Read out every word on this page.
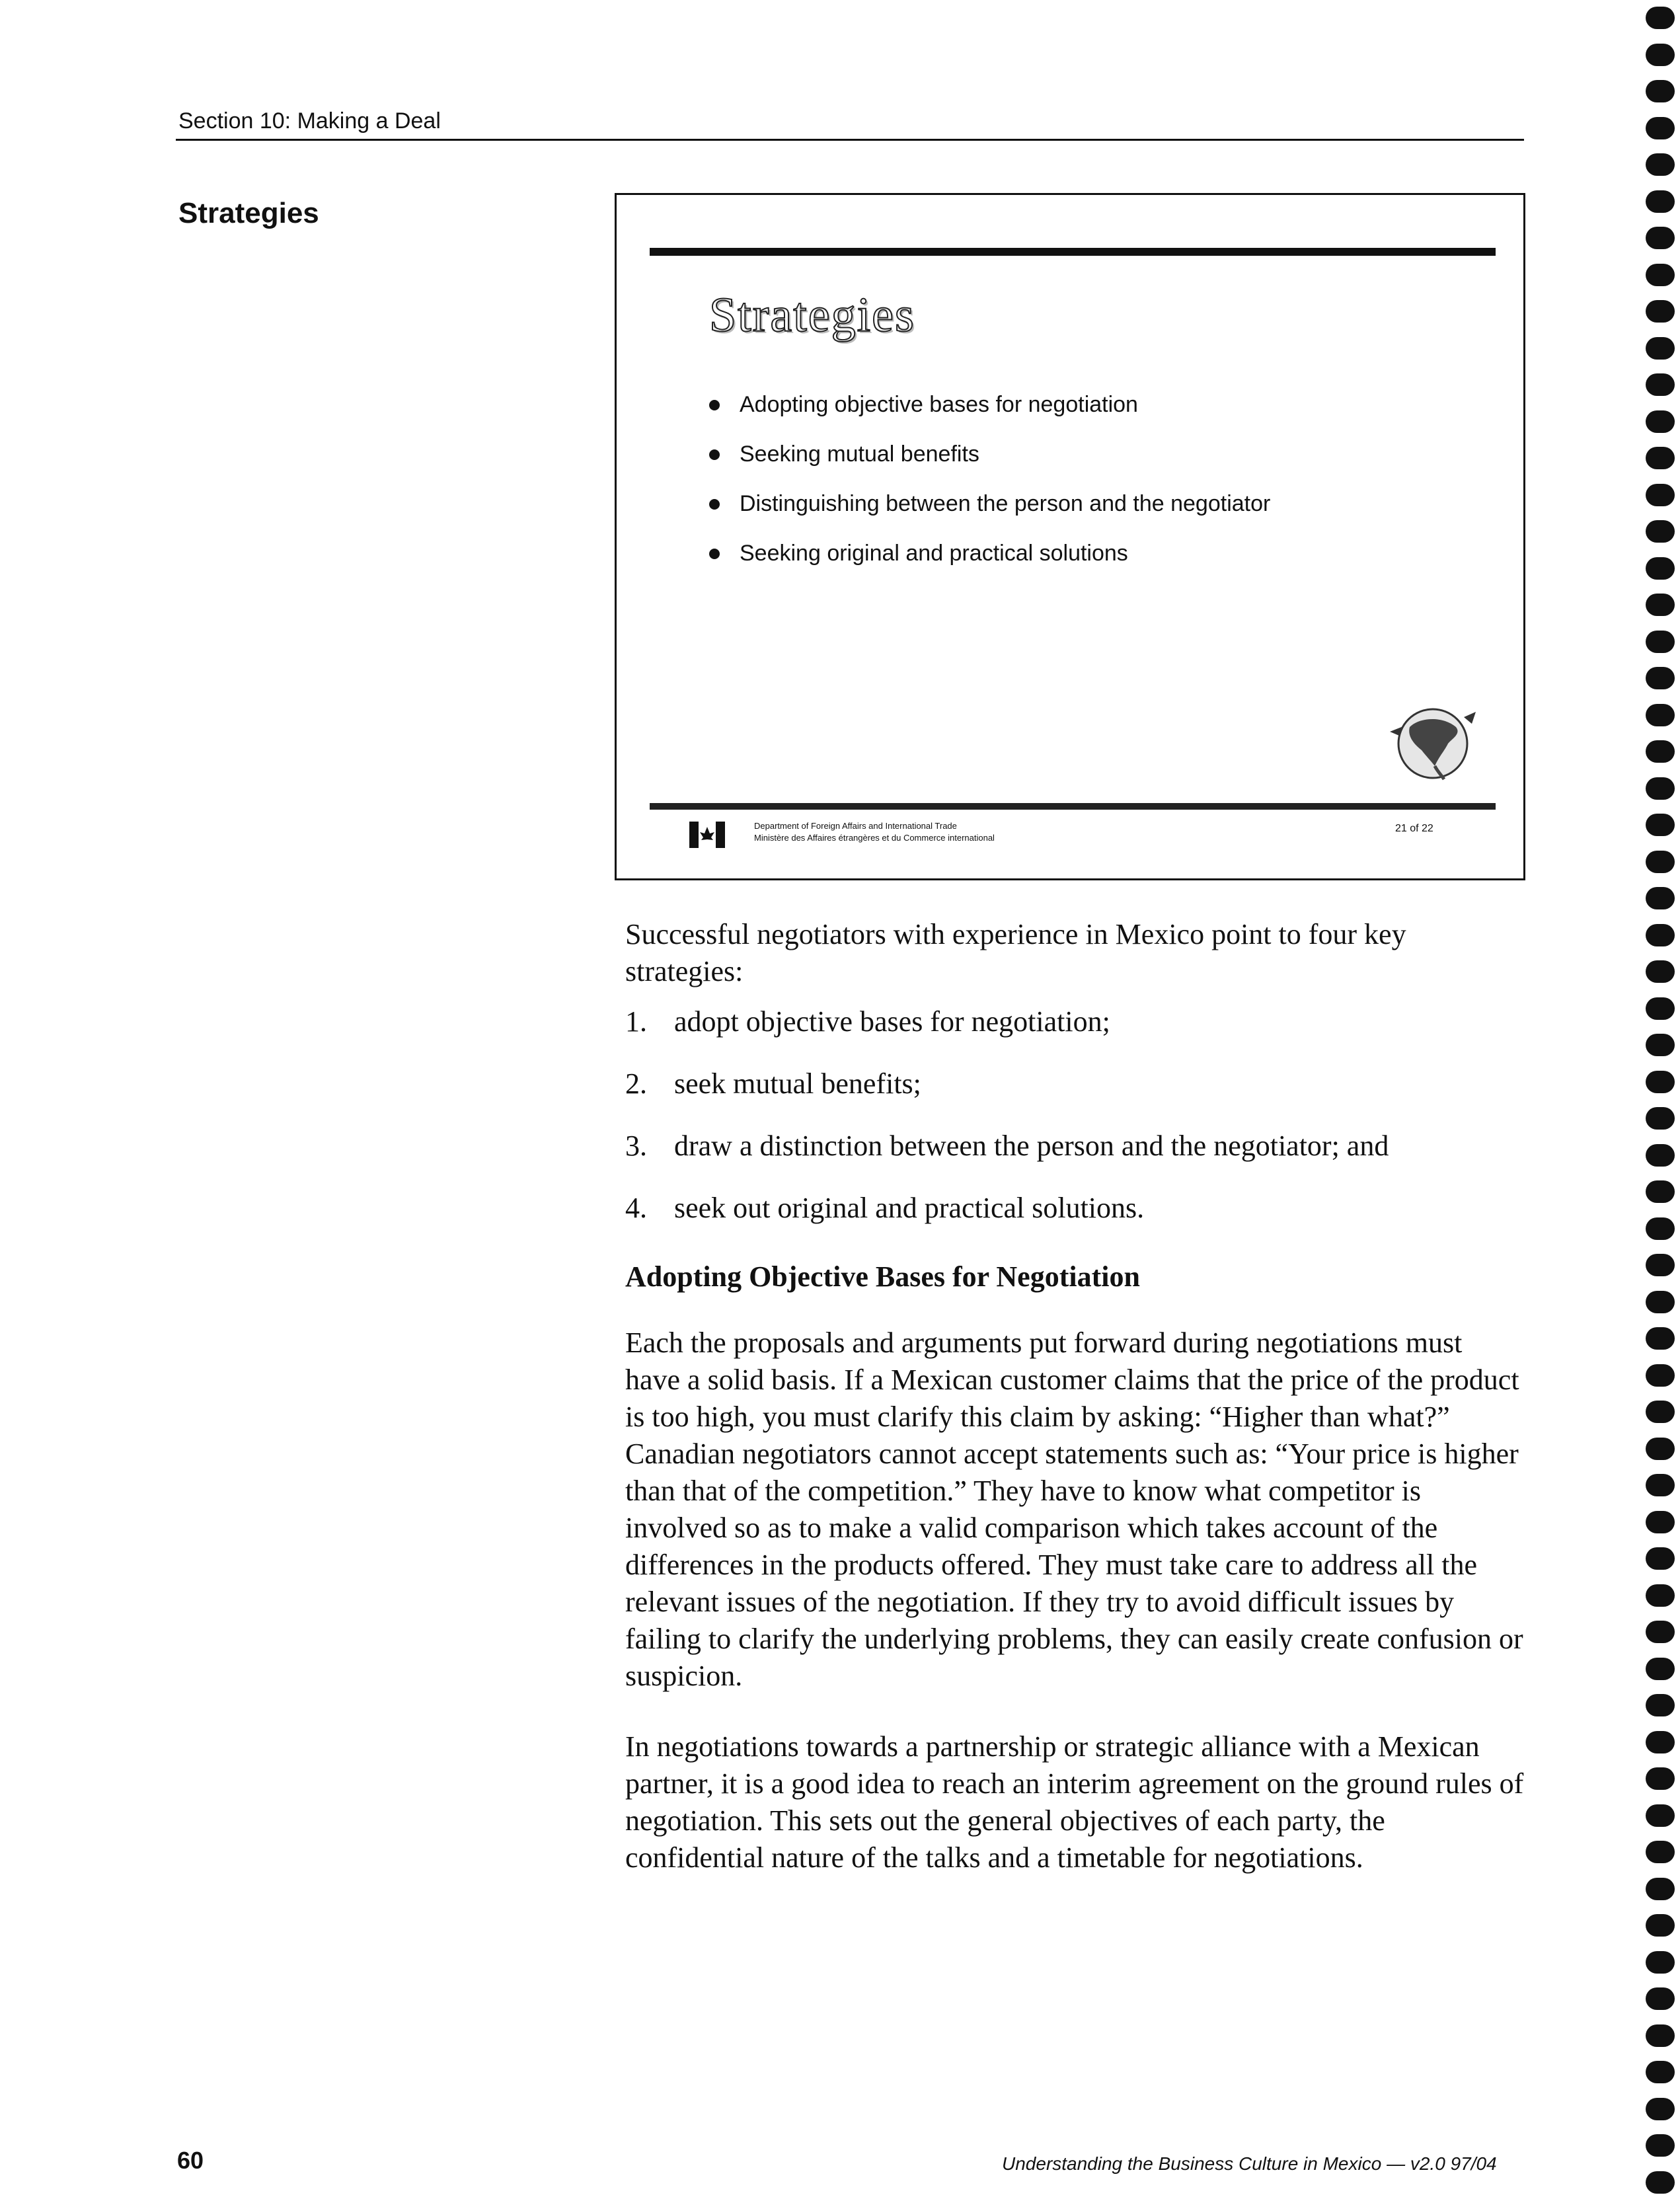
Section 10: Making a Deal
Strategies
Strategies
Adopting objective bases for negotiation
Seeking mutual benefits
Distinguishing between the person and the negotiator
Seeking original and practical solutions
Department of Foreign Affairs and International Trade
Ministère des Affaires étrangères et du Commerce international
21 of 22
Successful negotiators with experience in Mexico point to four key strategies:
1. adopt objective bases for negotiation;
2. seek mutual benefits;
3. draw a distinction between the person and the negotiator; and
4. seek out original and practical solutions.
Adopting Objective Bases for Negotiation
Each the proposals and arguments put forward during negotiations must have a solid basis. If a Mexican customer claims that the price of the product is too high, you must clarify this claim by asking: “Higher than what?” Canadian negotiators cannot accept statements such as: “Your price is higher than that of the competition.” They have to know what competitor is involved so as to make a valid comparison which takes account of the differences in the products offered. They must take care to address all the relevant issues of the negotiation. If they try to avoid difficult issues by failing to clarify the underlying problems, they can easily create confusion or suspicion.
In negotiations towards a partnership or strategic alliance with a Mexican partner, it is a good idea to reach an interim agreement on the ground rules of negotiation. This sets out the general objectives of each party, the confidential nature of the talks and a timetable for negotiations.
60	Understanding the Business Culture in Mexico — v2.0 97/04
